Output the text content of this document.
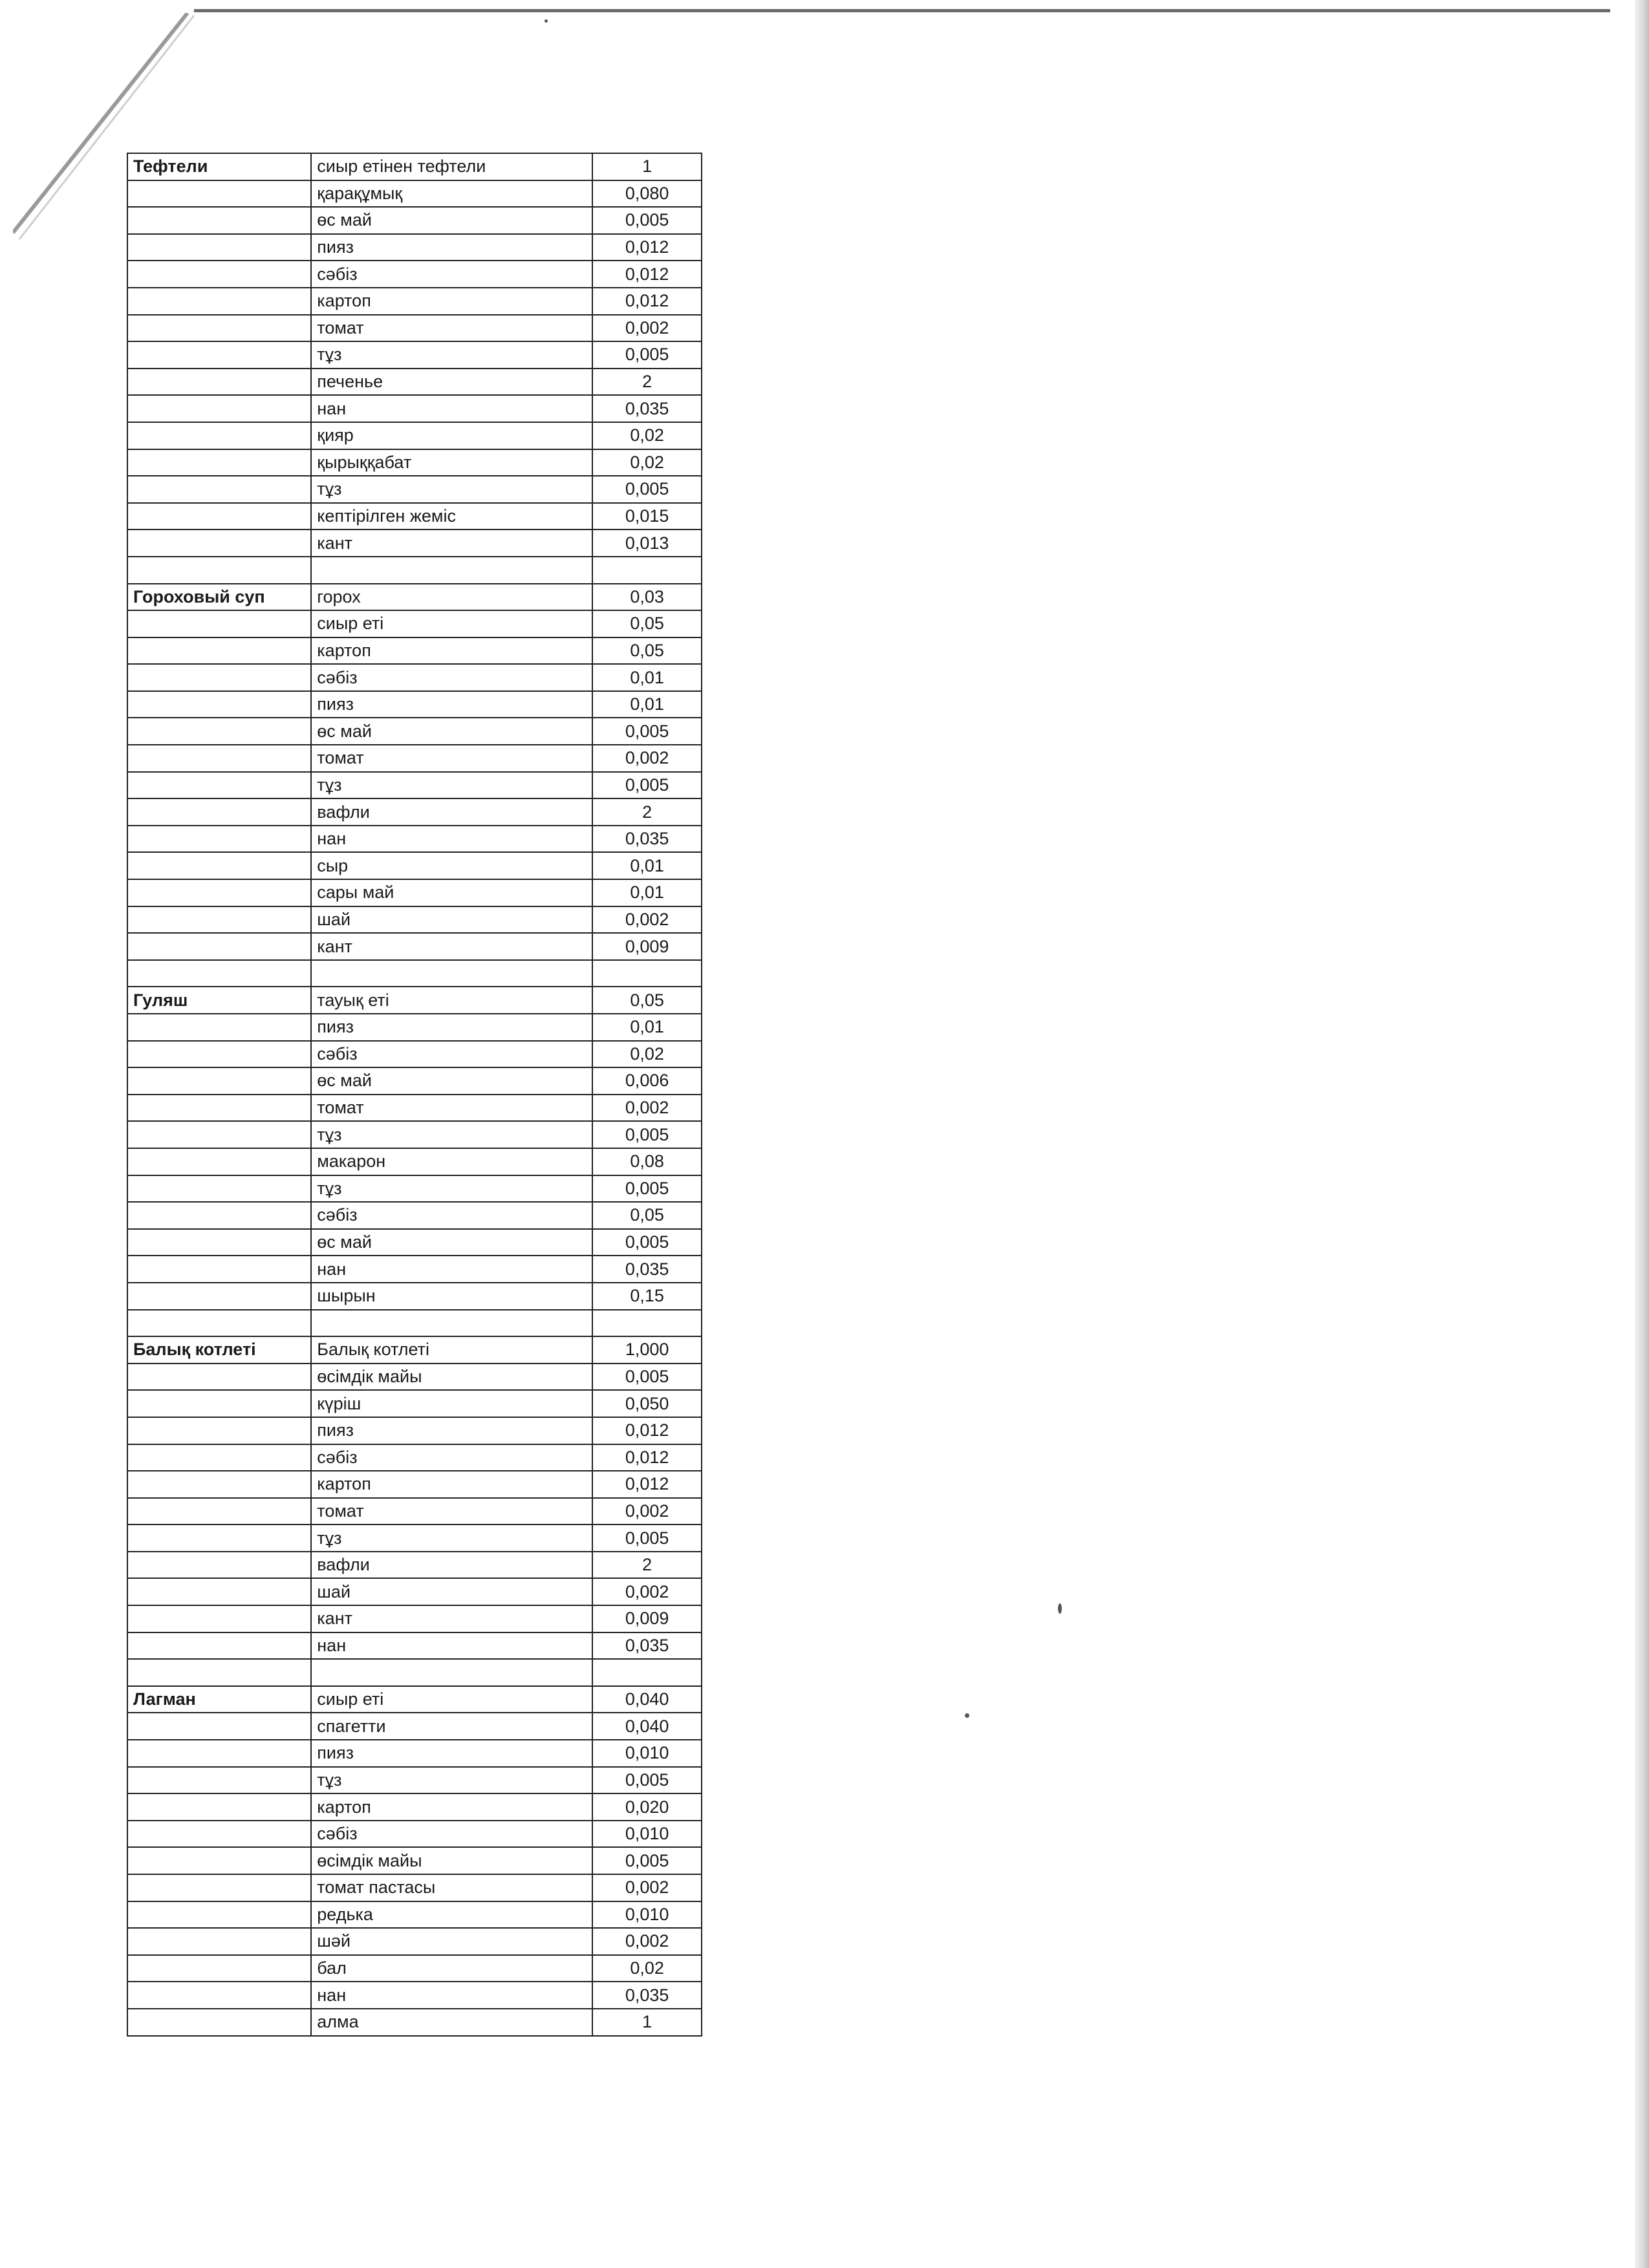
Тефтели	сиыр етінен тефтели	1
	қарақұмық	0,080
	өс май	0,005
	пияз	0,012
	сәбіз	0,012
	картоп	0,012
	томат	0,002
	тұз	0,005
	печенье	2
	нан	0,035
	қияр	0,02
	қырыққабат	0,02
	тұз	0,005
	кептірілген жеміс	0,015
	кант	0,013

Гороховый суп	горох	0,03
	сиыр еті	0,05
	картоп	0,05
	сәбіз	0,01
	пияз	0,01
	өс май	0,005
	томат	0,002
	тұз	0,005
	вафли	2
	нан	0,035
	сыр	0,01
	сары май	0,01
	шай	0,002
	кант	0,009

Гуляш	тауық еті	0,05
	пияз	0,01
	сәбіз	0,02
	өс май	0,006
	томат	0,002
	тұз	0,005
	макарон	0,08
	тұз	0,005
	сәбіз	0,05
	өс май	0,005
	нан	0,035
	шырын	0,15

Балық котлеті	Балық котлеті	1,000
	өсімдік майы	0,005
	күріш	0,050
	пияз	0,012
	сәбіз	0,012
	картоп	0,012
	томат	0,002
	тұз	0,005
	вафли	2
	шай	0,002
	кант	0,009
	нан	0,035

Лагман	сиыр еті	0,040
	спагетти	0,040
	пияз	0,010
	тұз	0,005
	картоп	0,020
	сәбіз	0,010
	өсімдік майы	0,005
	томат пастасы	0,002
	редька	0,010
	шәй	0,002
	бал	0,02
	нан	0,035
	алма	1
